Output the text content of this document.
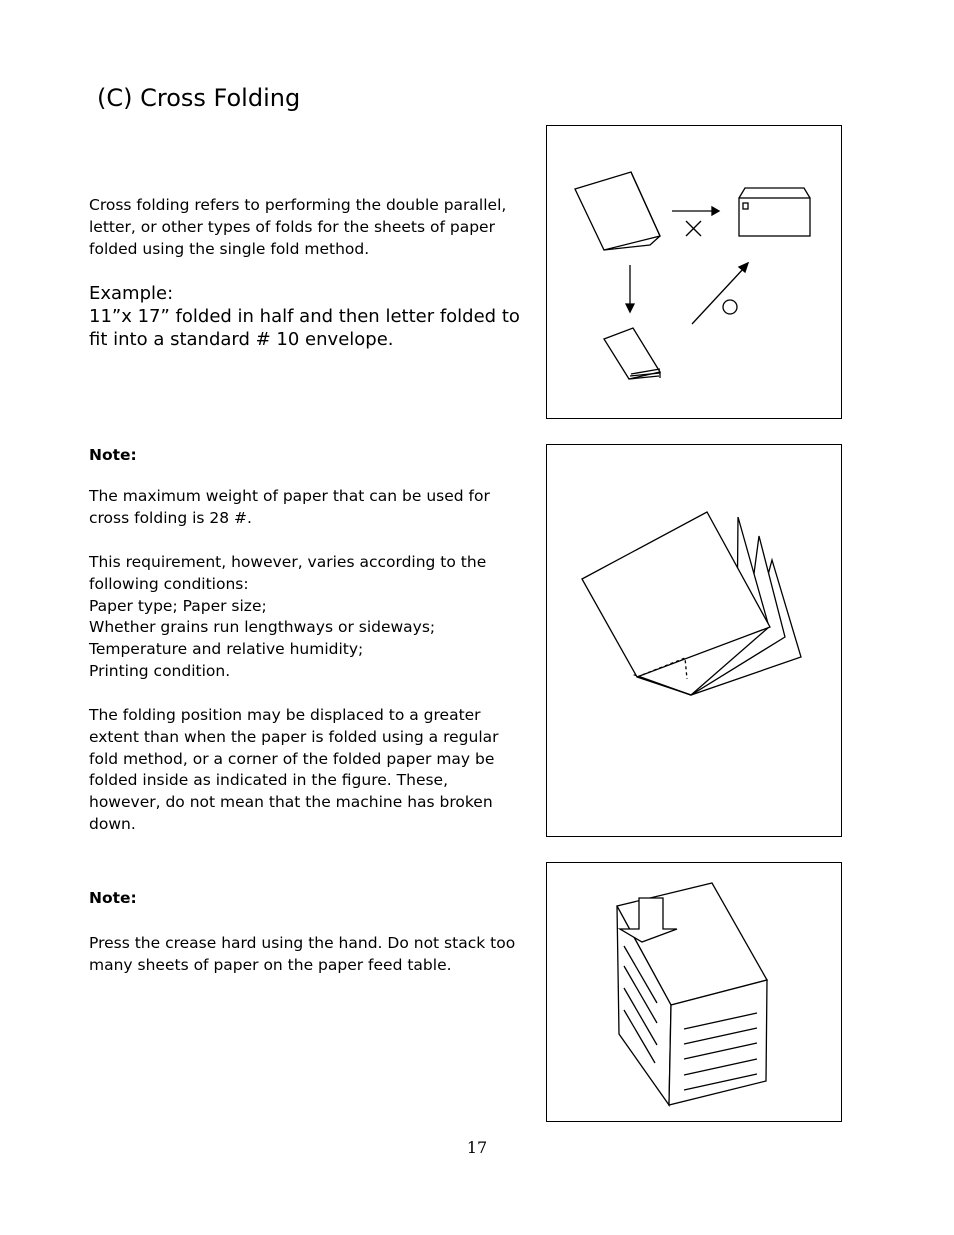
(C) Cross Folding
Cross folding refers to performing the double parallel,
letter, or other types of folds for the sheets of paper
folded using the single fold method.
Example:
11”x 17” folded in half and then letter folded to
fit into a standard # 10 envelope.
Note:
The maximum weight of paper that can be used for
cross folding is 28 #.
This requirement, however, varies according to the
following conditions:
Paper type; Paper size;
Whether grains run lengthways or sideways;
Temperature and relative humidity;
Printing condition.
The folding position may be displaced to a greater
extent than when the paper is folded using a regular
fold method, or a corner of the folded paper may be
folded inside as indicated in the figure. These,
however, do not mean that the machine has broken
down.
Note:
Press the crease hard using the hand. Do not stack too
many sheets of paper on the paper feed table.
17
